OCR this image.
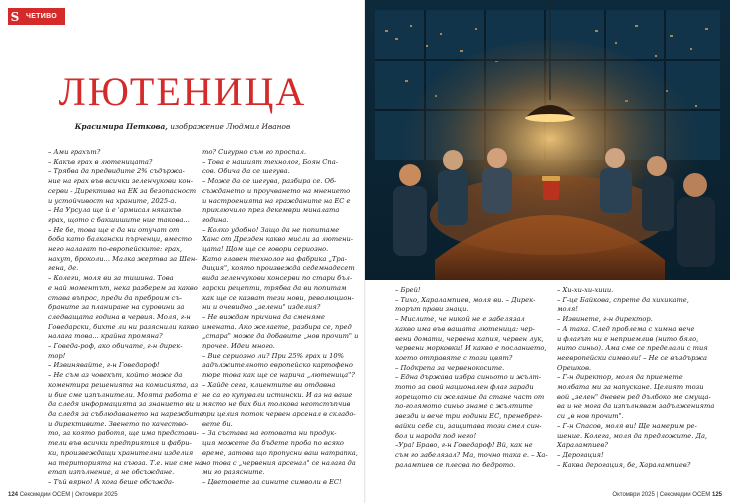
S ЧЕТИВО
ЛЮТЕНИЦА
Красимира Петкова, изображение Людмил Иванов
– Ами граxът?
– Какъв грах в лютеницата?
– Трябва да предвидите 2% съдържа-
ние на грах във всички зеленчукови кон-
серви - Директива на ЕК за безопасност
и устойчивост на храните, 2025-а.
– На Урсула ще ѝ е 'армисал някакъв
грах, щото с бакшишите ние такова...
– Не бе, това ще е да ни отучат от
боба като балкански пърченци, вместо
него налагат по-европейските: грах,
нахут, броколи... Малка жертва за Шен-
гена, де.
– Колеги, моля ви за тишина. Това
е най моментът, нека разберем за какво
става въпрос, преди да преброим съ-
браните за планиране на суровини за
следващата година в червия. Моля, г-н
Говедарски, бихте ли ни разяснили какво
налага това... крайна промяна?
– Говеда-роф, ако обичате, г-н дирек-
тор!
– Извинявайте, г-н Говедароф!
– Не съм аз човекът, който може да
коментира решенията на комисията, аз
и бие сме изпълнители. Моята работа е
да следя информацията за знанието ви и
да следя за съблюдаването на нарежбите
и директивите. Звенето по качество-
то, за която работя, ще има представи-
тели във всички предприятия и фабри-
ки, произвеждащи хранителни изделия
на територията на съюза. Т.е. ние сме на
етап изпълнение, а не обсъждане.
– Тъй вярно! А кога беше обсъжда-
то? Сигурно съм го проспал.
– Това е нашият технолог, Боян Спа-
сов. Обича да се шегува.
– Може да се шегува, разбира се. Об-
съждането и проучването на мнението
и настроенията на гражданите на ЕС е
приключило през декември миналата
година.
– Колко удобно! Защо да не попитаме
Ханс от Дрезден какво мисли за лютени-
цата! Щом ще се говори сериозно.
Като главен технолог на фабрика „Тра-
диция", която произвежда седемнадесет
вида зеленчукови консерви по стари бъл-
гарски рецепти, трябва да ви попитам
как ще се казват тези нови, революцион-
ни и очевидно „зелени" изделия?
– Не виждам причина да сменяме
имената. Ако желаете, разбира се, пред
„стара" може да добавите „нов прочит" и
прочее. Идеи много.
– Вие сериозно ли? При 25% грах и 10%
задължителното европейско картофено
пюре това как ще се нарича „лютеница"?
– Хайде сега, клиентите ви отдавна
не са го купували истински. И аз на ваше
място не бих бил толкова неотстъпчив
при целия поток червен арсенал в складо-
вете би.
– За състава на готовата ни продук-
ция можете да бъдете проба по всяко
време, затова що пропусни ваш натрапка,
но това с „червения арсенал" се налага да
ми го разясните.
– Цветовете за сините символи в ЕС!
124 Сексмедии ОСЕМ | Октомври 2025
– Брей!
– Тихо, Харалампиев, моля ви. – Дирек-
торът прави знаци.
– Мислите, че никой не е забелязал
какво има във вашата лютеница: чер-
вени домати, червена капия, червен лук,
червени морковки! И какво е посланието,
което отправяте с този цвят?
– Подкрепа за червенокосите.
– Една държава избра синьото и жълт-
тото за свой национален флаг заради
горещото си желание да стане част от
по-голямото синьо знаме с жълтите
звезди и вече три години ЕС, пренебрег-
вайки себе си, защитава този смел син-
бол и народа под него!
–Ура! Браво, г-н Говедароф! Вй, как не
съм го забелязал? Ма, точно така е. – Ха-
ралампиев се плесва по бедрото.
– Хи-хи-хи-хиии.
– Г-це Байкова, спрете да хихикате,
моля!
– Извинете, г-н директор.
– А така. След проблема с химна вече
и флагът ни е неприемлив (нито бяло,
нито синьо). Ама сме се пределали с тия
неевропейски символи! – Не се въздържа
Орешков.
– Г-н директор, моля да приемете
молбата ми за напускане. Целият този
вой „зелен" дневен ред дълбоко ме смуща-
ва и не мога да изпълнявам задълженията
си „в нов прочит".
– Г-н Спасов, моля ви! Ще намерим ре-
шение. Колега, моля да предложите. Да,
Харалампиев?
– Дерогация!
– Каква дерогация, бе, Харалампиев?
Октомври 2025 | Сексмедии ОСЕМ 125
